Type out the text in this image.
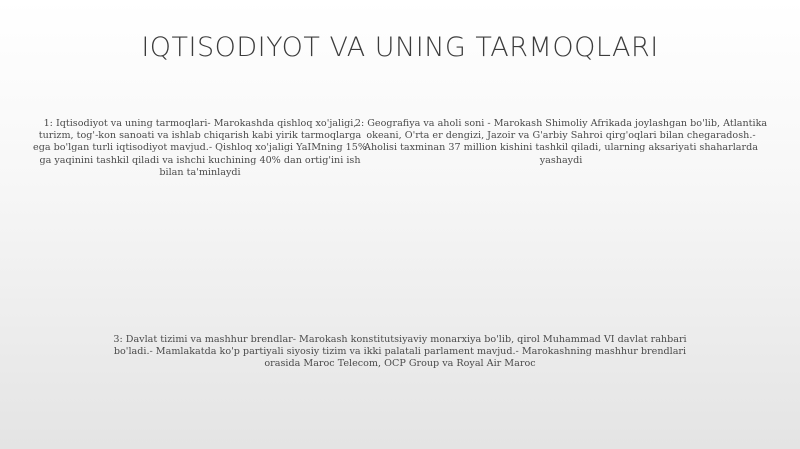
IQTISODIYOT VA UNING TARMOQLARI
1: Iqtisodiyot va uning tarmoqlari- Marokashda qishloq xo'jaligi, turizm, tog'-kon sanoati va ishlab chiqarish kabi yirik tarmoqlarga ega bo'lgan turli iqtisodiyot mavjud.- Qishloq xo'jaligi YaIMning 15% ga yaqinini tashkil qiladi va ishchi kuchining 40% dan ortig'ini ish bilan ta'minlaydi
2: Geografiya va aholi soni - Marokash Shimoliy Afrikada joylashgan bo'lib, Atlantika okeani, O'rta er dengizi, Jazoir va G'arbiy Sahroi qirg'oqlari bilan chegaradosh.- Aholisi taxminan 37 million kishini tashkil qiladi, ularning aksariyati shaharlarda yashaydi
3: Davlat tizimi va mashhur brendlar- Marokash konstitutsiyaviy monarxiya bo'lib, qirol Muhammad VI davlat rahbari bo'ladi.- Mamlakatda ko'p partiyali siyosiy tizim va ikki palatali parlament mavjud.- Marokashning mashhur brendlari orasida Maroc Telecom, OCP Group va Royal Air Maroc
